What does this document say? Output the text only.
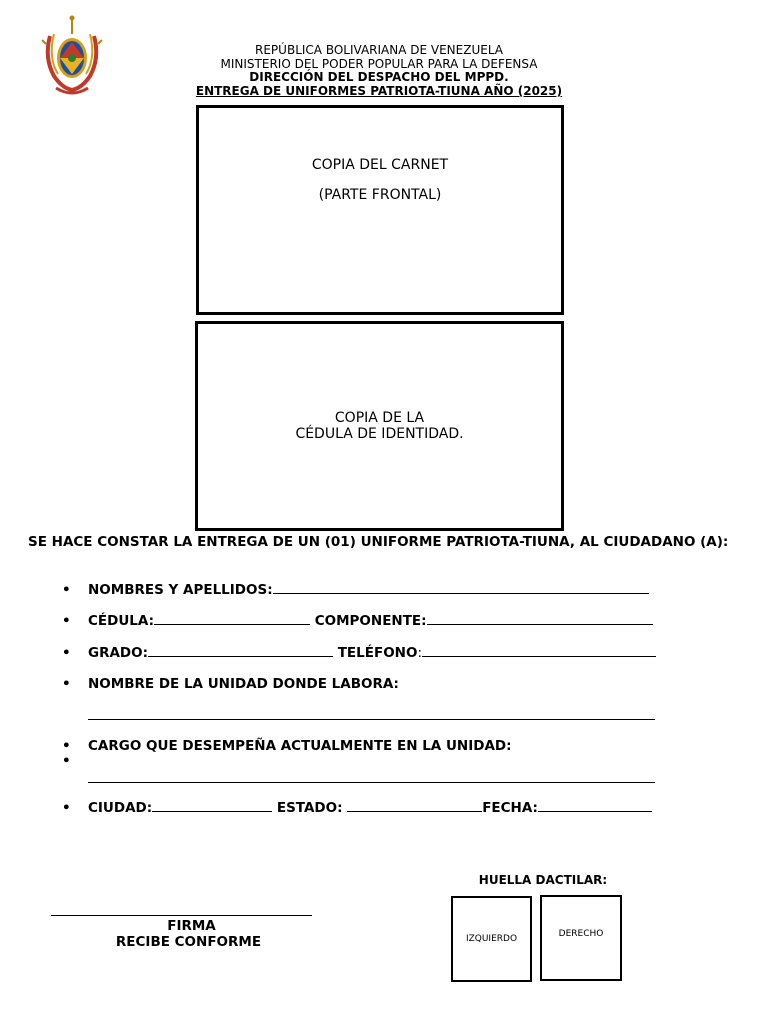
REPÚBLICA BOLIVARIANA DE VENEZUELA
MINISTERIO DEL PODER POPULAR PARA LA DEFENSA
DIRECCIÓN DEL DESPACHO DEL MPPD.
ENTREGA DE UNIFORMES PATRIOTA-TIUNA AÑO (2025)
COPIA DEL CARNET
(PARTE FRONTAL)
COPIA DE LA
CÉDULA DE IDENTIDAD.
SE HACE CONSTAR LA ENTREGA DE UN (01) UNIFORME PATRIOTA-TIUNA, AL CIUDADANO (A):
• NOMBRES Y APELLIDOS:
• CÉDULA:	COMPONENTE:
• GRADO:	TELÉFONO:
• NOMBRE DE LA UNIDAD DONDE LABORA:
• CARGO QUE DESEMPEÑA ACTUALMENTE EN LA UNIDAD:
•
• CIUDAD:	ESTADO:	FECHA:
FIRMA
RECIBE CONFORME
HUELLA DACTILAR:
IZQUIERDO	DERECHO
